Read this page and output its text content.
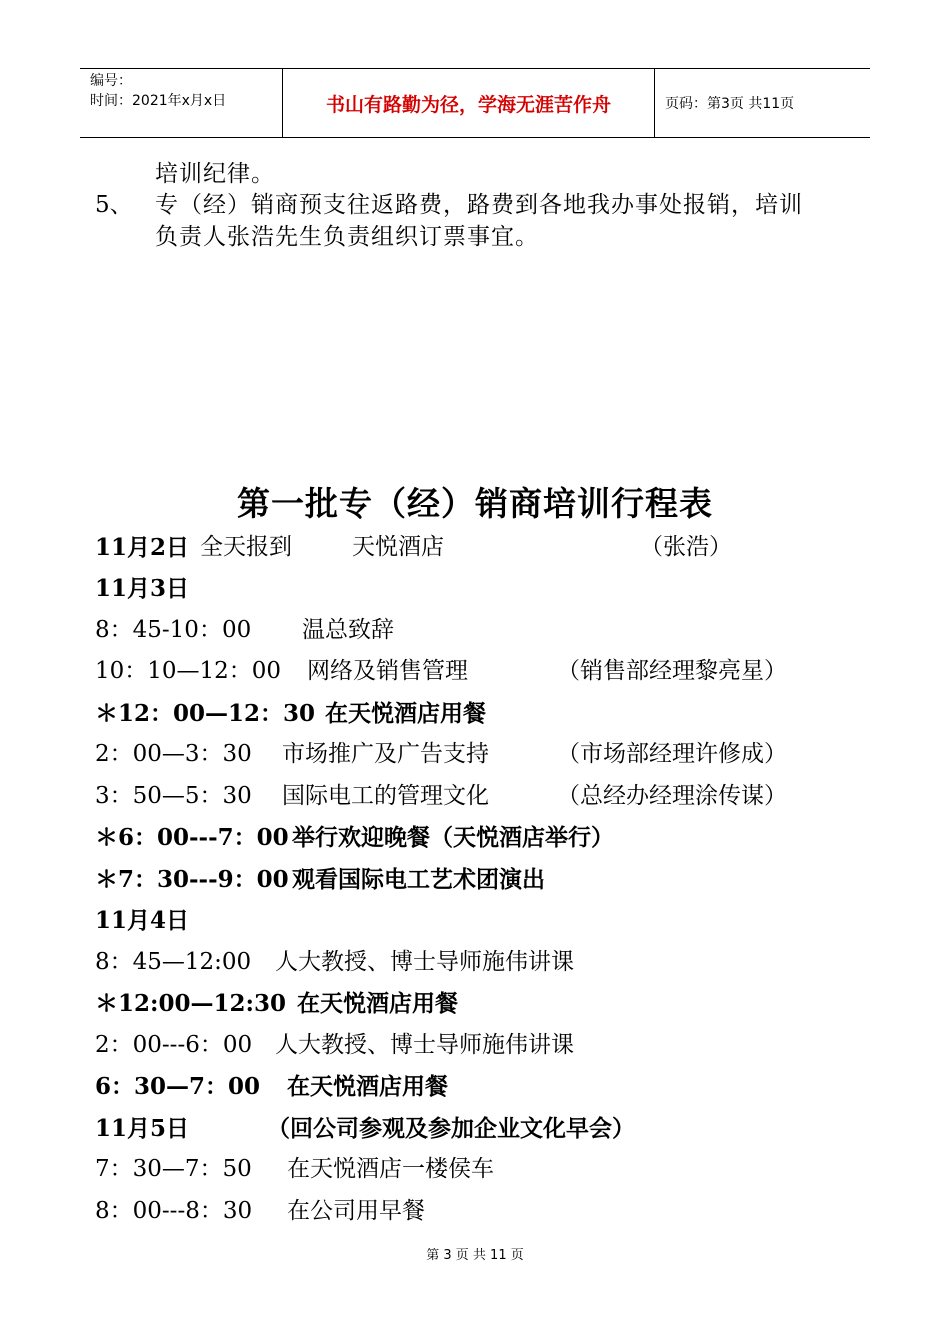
编号：
时间：2021年x月x日	书山有路勤为径，学海无涯苦作舟	页码：第3页 共11页
培训纪律。
5、 专（经）销商预支往返路费，路费到各地我办事处报销，培训
负责人张浩先生负责组织订票事宜。
第一批专（经）销商培训行程表
11月2日 全天报到	天悦酒店	（张浩）
11月3日
8：45-10：00 温总致辞
10：10—12：00 网络及销售管理	（销售部经理黎亮星）
＊12：00—12：30 在天悦酒店用餐
2：00—3：30 市场推广及广告支持	（市场部经理许修成）
3：50—5：30 国际电工的管理文化	（总经办经理涂传谋）
＊6：00---7：00 举行欢迎晚餐（天悦酒店举行）
＊7：30---9：00 观看国际电工艺术团演出
11月4日
8：45—12:00 人大教授、博士导师施伟讲课
＊12:00—12:30 在天悦酒店用餐
2：00---6：00 人大教授、博士导师施伟讲课
6：30—7：00 在天悦酒店用餐
11月5日	（回公司参观及参加企业文化早会）
7：30—7：50 在天悦酒店一楼侯车
8：00---8：30 在公司用早餐
第 3 页 共 11 页
